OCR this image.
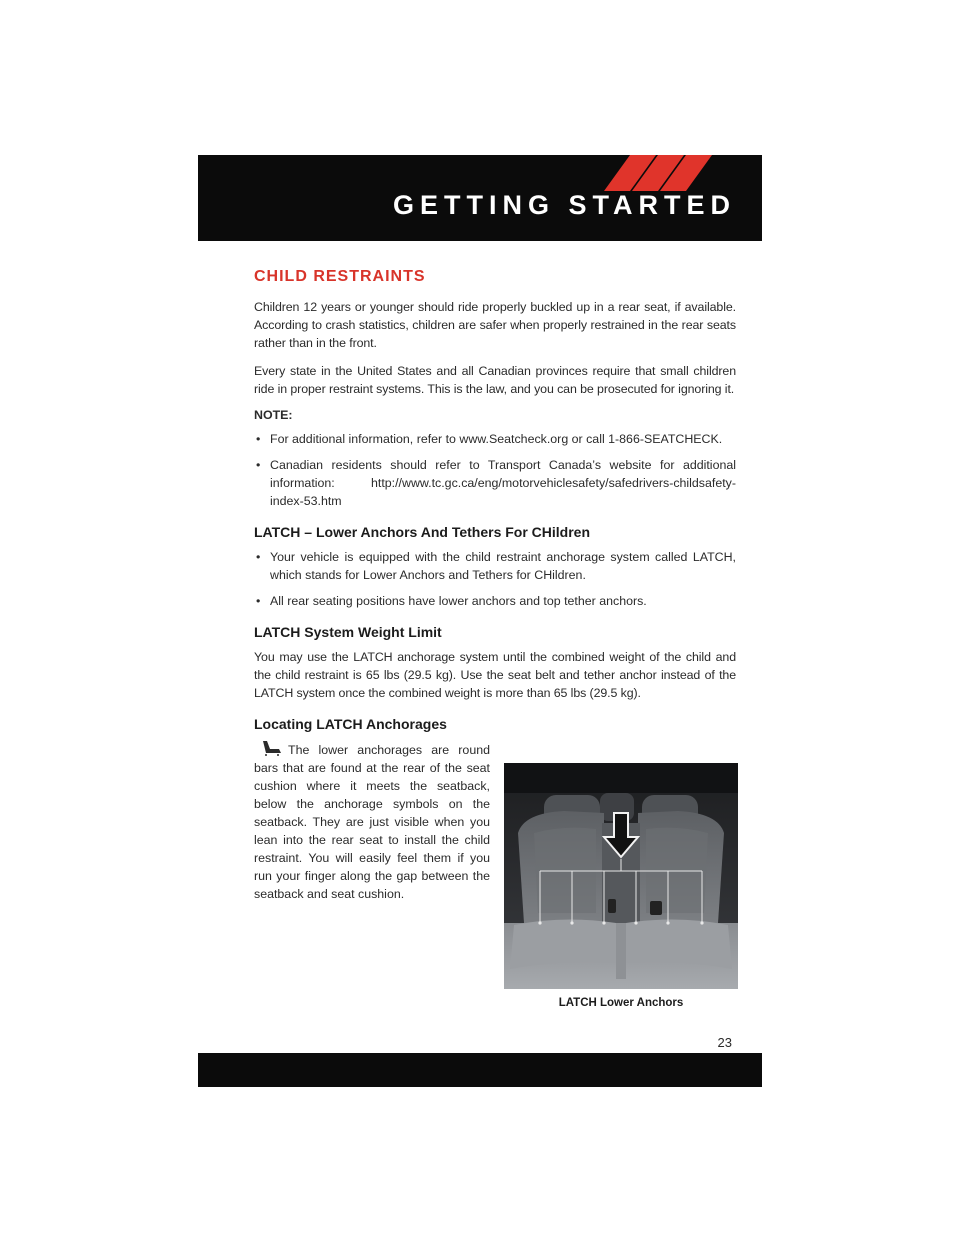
GETTING STARTED
CHILD RESTRAINTS

Children 12 years or younger should ride properly buckled up in a rear seat, if available. According to crash statistics, children are safer when properly restrained in the rear seats rather than in the front.

Every state in the United States and all Canadian provinces require that small children ride in proper restraint systems. This is the law, and you can be prosecuted for ignoring it.

NOTE:
• For additional information, refer to www.Seatcheck.org or call 1-866-SEATCHECK.
• Canadian residents should refer to Transport Canada’s website for additional information: http://www.tc.gc.ca/eng/motorvehiclesafety/safedrivers-childsafety-index-53.htm
LATCH – Lower Anchors And Tethers For CHildren
• Your vehicle is equipped with the child restraint anchorage system called LATCH, which stands for Lower Anchors and Tethers for CHildren.
• All rear seating positions have lower anchors and top tether anchors.
LATCH System Weight Limit

You may use the LATCH anchorage system until the combined weight of the child and the child restraint is 65 lbs (29.5 kg). Use the seat belt and tether anchor instead of the LATCH system once the combined weight is more than 65 lbs (29.5 kg).

Locating LATCH Anchorages
The lower anchorages are round bars that are found at the rear of the seat cushion where it meets the seatback, below the anchorage symbols on the seatback. They are just visible when you lean into the rear seat to install the child restraint. You will easily feel them if you run your finger along the gap between the seatback and seat cushion.
LATCH Lower Anchors
23
